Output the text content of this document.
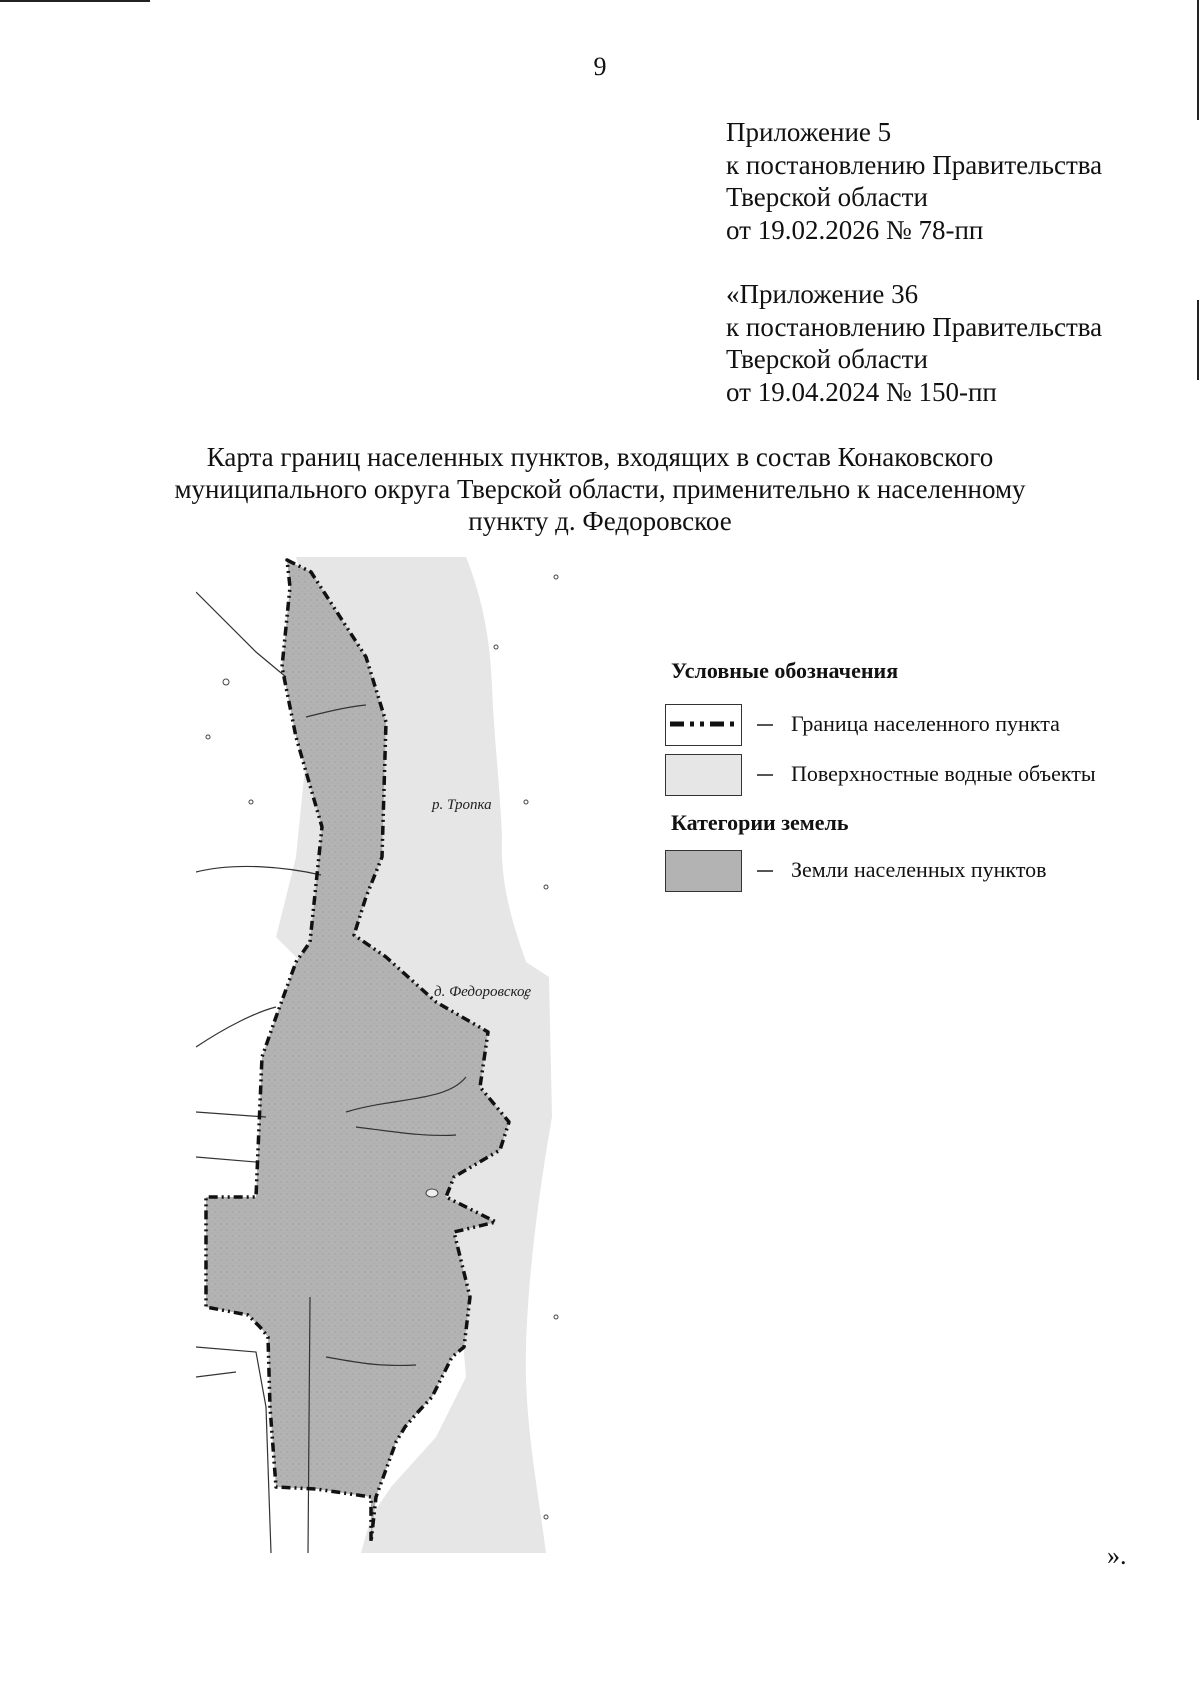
9
Приложение 5
к постановлению Правительства
Тверской области
от 19.02.2026 № 78-пп
«Приложение 36
к постановлению Правительства
Тверской области
от 19.04.2024 № 150-пп
Карта границ населенных пунктов, входящих в состав Конаковского
муниципального округа Тверской области, применительно к населенному
пункту д. Федоровское
р. Тропка
д. Федоровское
Условные обозначения
Граница населенного пункта
Поверхностные водные объекты
Категории земель
Земли населенных пунктов
».
